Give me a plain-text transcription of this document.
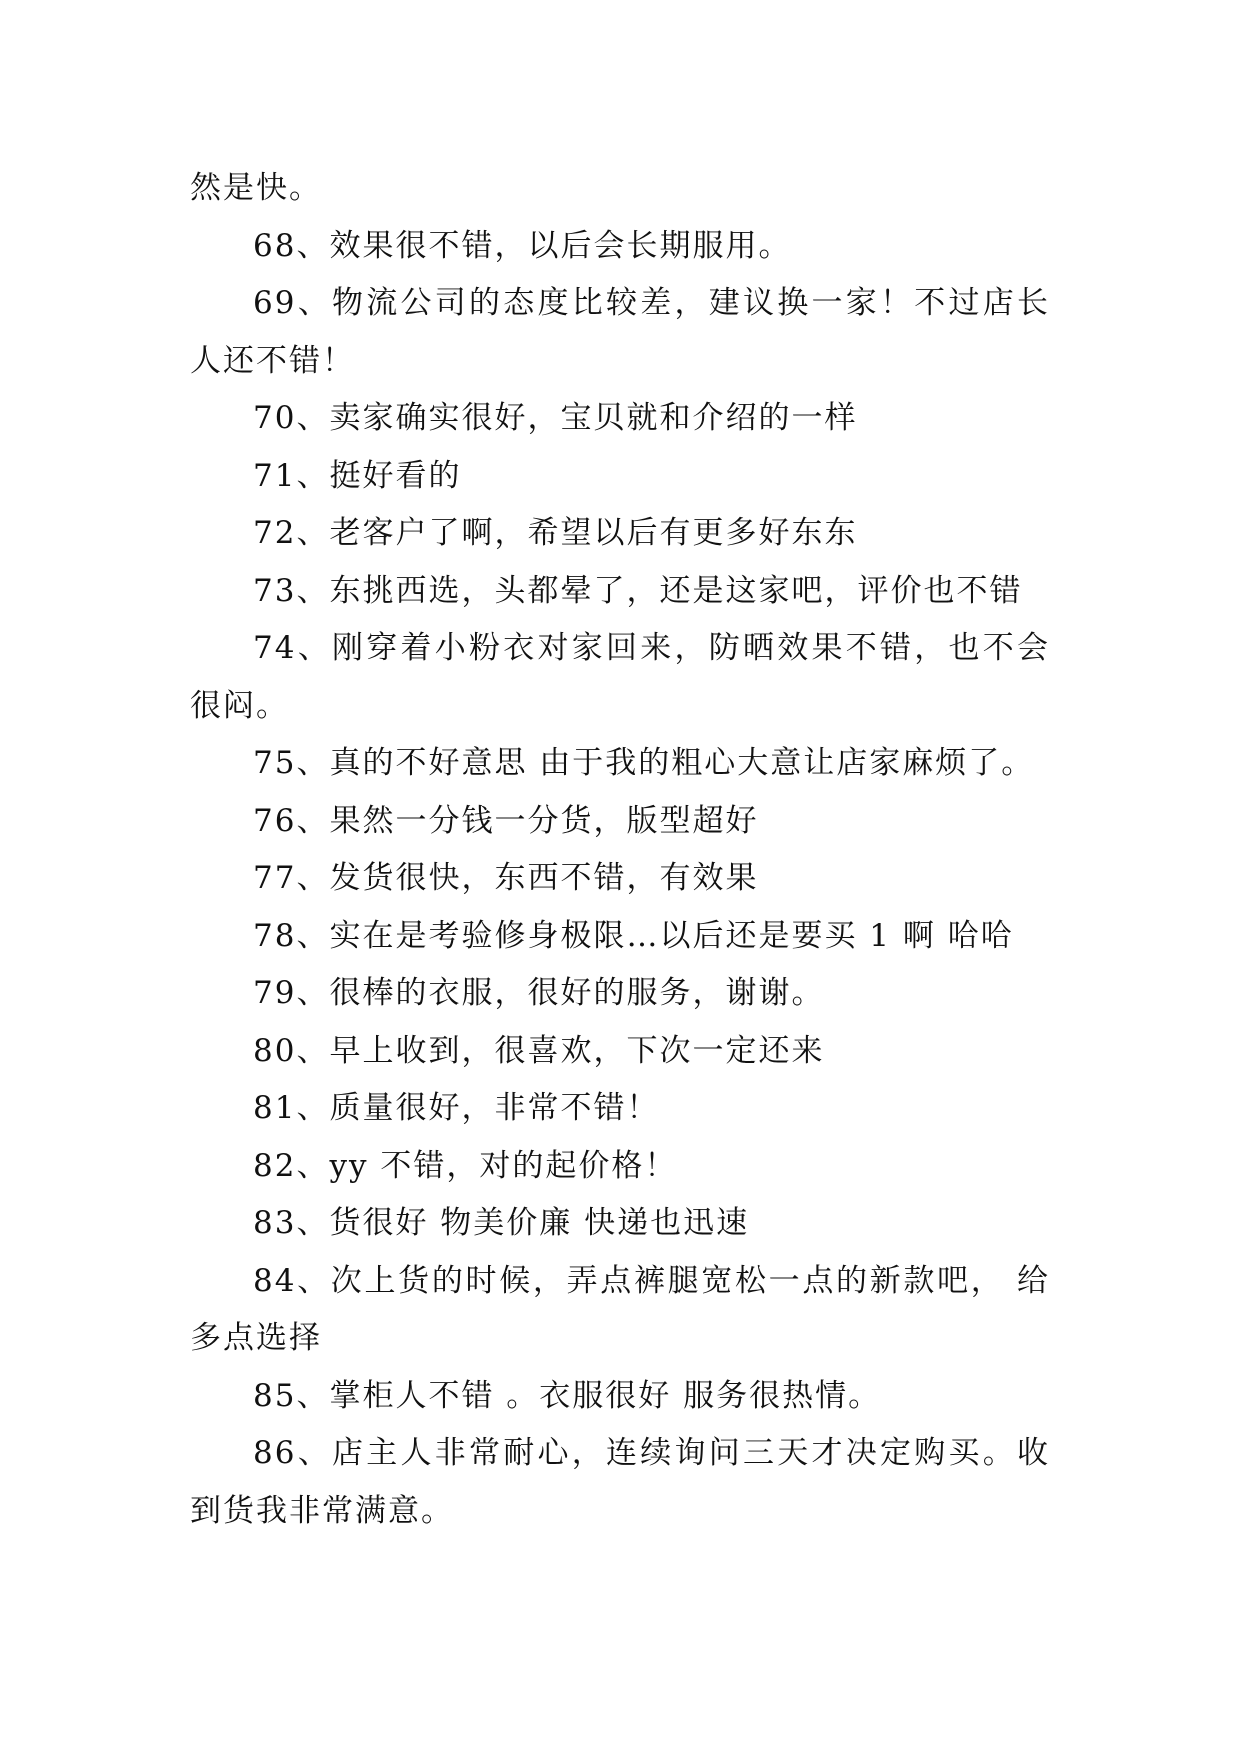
然是快。

68、效果很不错，以后会长期服用。

69、物流公司的态度比较差，建议换一家！不过店长人还不错！

70、卖家确实很好，宝贝就和介绍的一样

71、挺好看的

72、老客户了啊，希望以后有更多好东东

73、东挑西选，头都晕了，还是这家吧，评价也不错

74、刚穿着小粉衣对家回来，防晒效果不错，也不会很闷。

75、真的不好意思 由于我的粗心大意让店家麻烦了。

76、果然一分钱一分货，版型超好

77、发货很快，东西不错，有效果

78、实在是考验修身极限…以后还是要买 1 啊 哈哈

79、很棒的衣服，很好的服务，谢谢。

80、早上收到，很喜欢，下次一定还来

81、质量很好，非常不错！

82、yy 不错，对的起价格！

83、货很好 物美价廉 快递也迅速

84、次上货的时候，弄点裤腿宽松一点的新款吧， 给多点选择

85、掌柜人不错 。衣服很好 服务很热情。

86、店主人非常耐心，连续询问三天才决定购买。收到货我非常满意。
